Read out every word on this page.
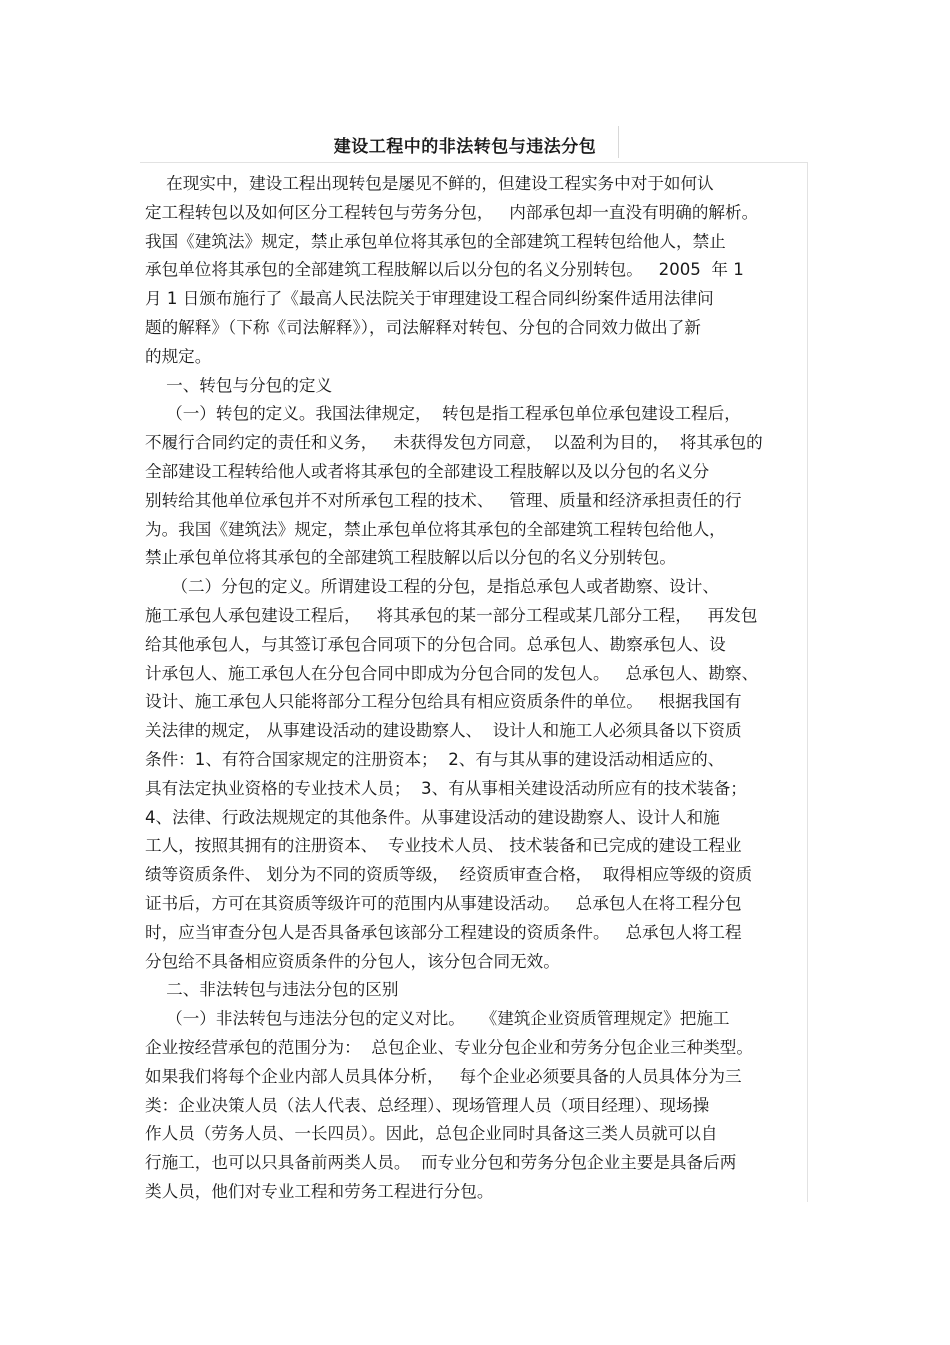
建设工程中的非法转包与违法分包
在现实中，建设工程出现转包是屡见不鲜的，但建设工程实务中对于如何认
定工程转包以及如何区分工程转包与劳务分包，   内部承包却一直没有明确的解析。
我国《建筑法》规定，禁止承包单位将其承包的全部建筑工程转包给他人，禁止
承包单位将其承包的全部建筑工程肢解以后以分包的名义分别转包。   2005  年 1
月 1 日颁布施行了《最高人民法院关于审理建设工程合同纠纷案件适用法律问
题的解释》（下称《司法解释》），司法解释对转包、分包的合同效力做出了新
的规定。
一、转包与分包的定义
（一）转包的定义。我国法律规定，  转包是指工程承包单位承包建设工程后，
不履行合同约定的责任和义务，   未获得发包方同意，  以盈利为目的，  将其承包的
全部建设工程转给他人或者将其承包的全部建设工程肢解以及以分包的名义分
别转给其他单位承包并不对所承包工程的技术、   管理、质量和经济承担责任的行
为。我国《建筑法》规定，禁止承包单位将其承包的全部建筑工程转包给他人，
禁止承包单位将其承包的全部建筑工程肢解以后以分包的名义分别转包。
（二）分包的定义。所谓建设工程的分包，是指总承包人或者勘察、设计、
施工承包人承包建设工程后，   将其承包的某一部分工程或某几部分工程，   再发包
给其他承包人，与其签订承包合同项下的分包合同。总承包人、勘察承包人、设
计承包人、施工承包人在分包合同中即成为分包合同的发包人。   总承包人、勘察、
设计、施工承包人只能将部分工程分包给具有相应资质条件的单位。   根据我国有
关法律的规定， 从事建设活动的建设勘察人、  设计人和施工人必须具备以下资质
条件：1、有符合国家规定的注册资本；  2、有与其从事的建设活动相适应的、
具有法定执业资格的专业技术人员；  3、有从事相关建设活动所应有的技术装备；
4、法律、行政法规规定的其他条件。从事建设活动的建设勘察人、设计人和施
工人，按照其拥有的注册资本、  专业技术人员、 技术装备和已完成的建设工程业
绩等资质条件、 划分为不同的资质等级，  经资质审查合格，  取得相应等级的资质
证书后，方可在其资质等级许可的范围内从事建设活动。   总承包人在将工程分包
时，应当审查分包人是否具备承包该部分工程建设的资质条件。   总承包人将工程
分包给不具备相应资质条件的分包人，该分包合同无效。
二、非法转包与违法分包的区别
（一）非法转包与违法分包的定义对比。   《建筑企业资质管理规定》把施工
企业按经营承包的范围分为：  总包企业、专业分包企业和劳务分包企业三种类型。
如果我们将每个企业内部人员具体分析，   每个企业必须要具备的人员具体分为三
类：企业决策人员（法人代表、总经理）、现场管理人员（项目经理）、现场操
作人员（劳务人员、一长四员）。因此，总包企业同时具备这三类人员就可以自
行施工，也可以只具备前两类人员。  而专业分包和劳务分包企业主要是具备后两
类人员，他们对专业工程和劳务工程进行分包。
